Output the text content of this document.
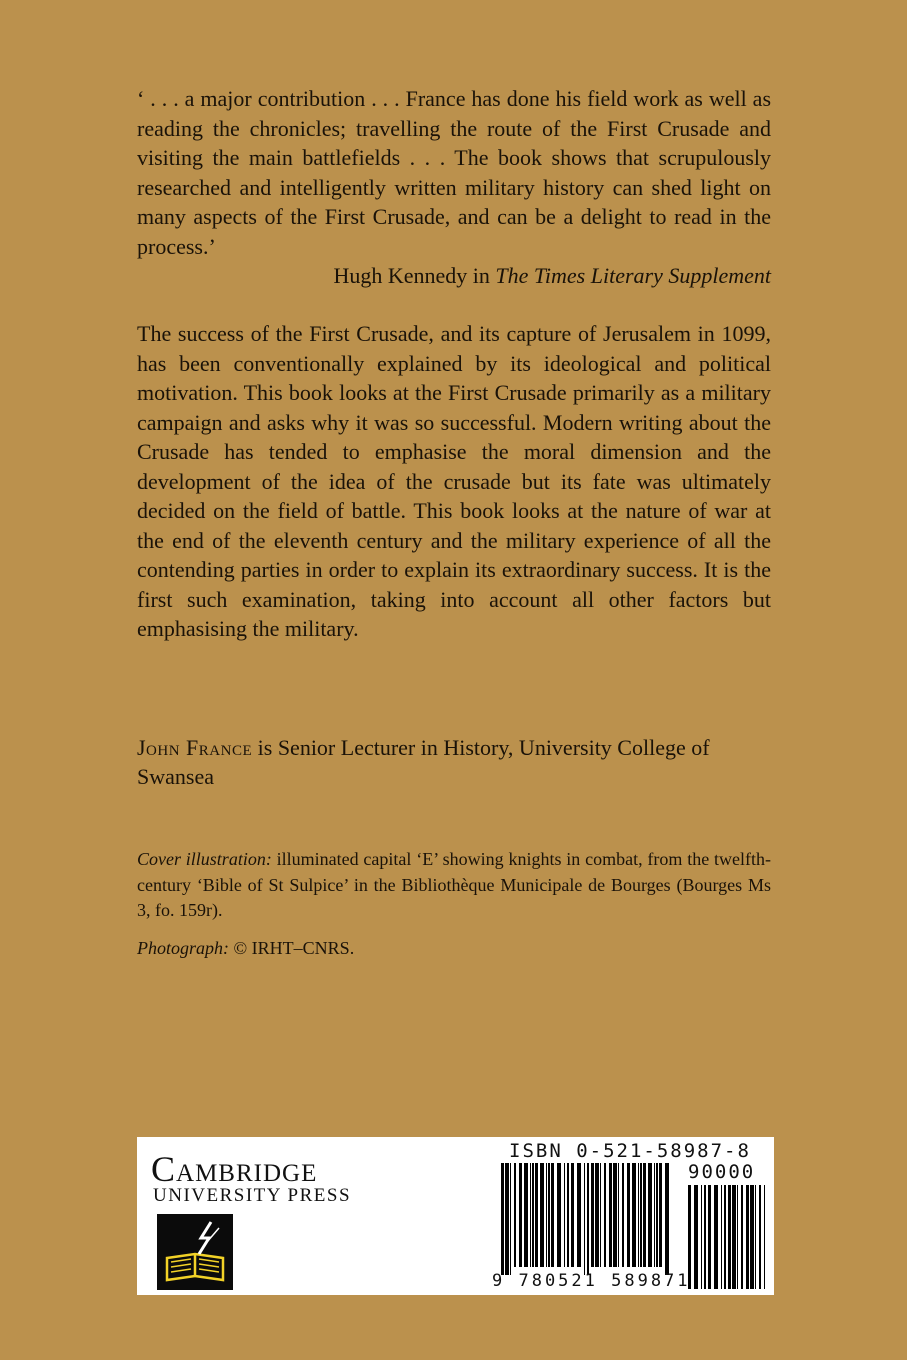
‘ . . . a major contribution . . . France has done his field work as well as reading the chronicles; travelling the route of the First Crusade and visiting the main battlefields . . . The book shows that scrupulously researched and intelligently written military history can shed light on many aspects of the First Crusade, and can be a delight to read in the process.’
Hugh Kennedy in The Times Literary Supplement
The success of the First Crusade, and its capture of Jerusalem in 1099, has been conventionally explained by its ideological and political motivation. This book looks at the First Crusade primarily as a military campaign and asks why it was so successful. Modern writing about the Crusade has tended to emphasise the moral dimension and the development of the idea of the crusade but its fate was ultimately decided on the field of battle. This book looks at the nature of war at the end of the eleventh century and the military experience of all the contending parties in order to explain its extraordinary success. It is the first such examination, taking into account all other factors but emphasising the military.
John France is Senior Lecturer in History, University College of Swansea

Cover illustration: illuminated capital ‘E’ showing knights in combat, from the twelfth-century ‘Bible of St Sulpice’ in the Bibliothèque Municipale de Bourges (Bourges Ms 3, fo. 159r).

Photograph: © IRHT–CNRS.

Cambridge
UNIVERSITY PRESS
ISBN 0-521-58987-8
90000
9 780521 589871
